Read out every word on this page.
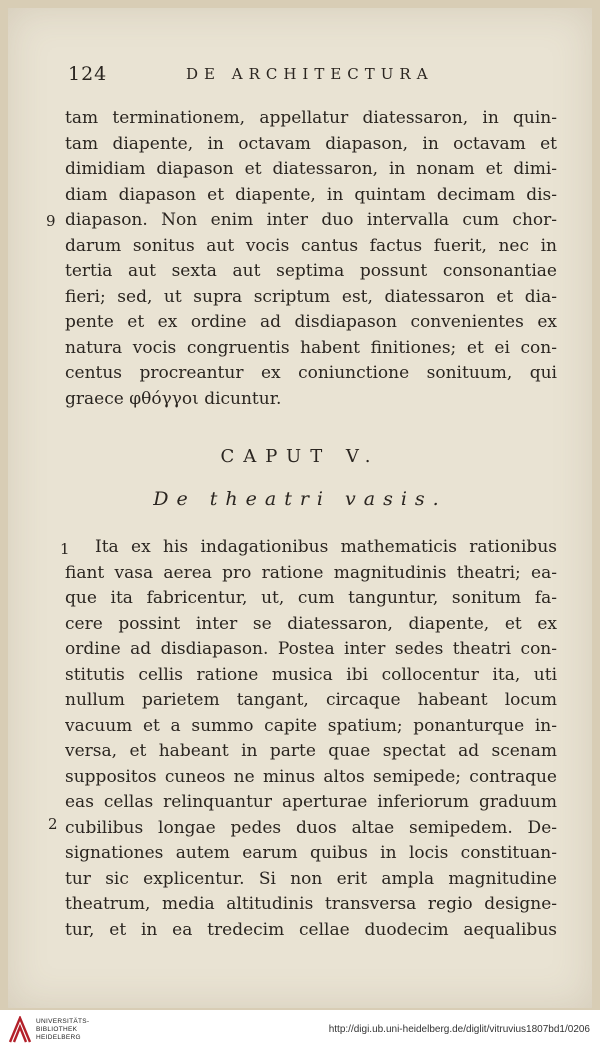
124	DE ARCHITECTURA
tam terminationem, appellatur diatessaron, in quin-
tam diapente, in octavam diapason, in octavam et
dimidiam diapason et diatessaron, in nonam et dimi-
diam diapason et diapente, in quintam decimam dis-
diapason. Non enim inter duo intervalla cum chor-
darum sonitus aut vocis cantus factus fuerit, nec in
tertia aut sexta aut septima possunt consonantiae
fieri; sed, ut supra scriptum est, diatessaron et dia-
pente et ex ordine ad disdiapason convenientes ex
natura vocis congruentis habent finitiones; et ei con-
centus procreantur ex coniunctione sonituum, qui
graece φθόγγοι dicuntur.
9
CAPUT V.
De theatri vasis.
1	Ita ex his indagationibus mathematicis rationibus
fiant vasa aerea pro ratione magnitudinis theatri; ea-
que ita fabricentur, ut, cum tanguntur, sonitum fa-
cere possint inter se diatessaron, diapente, et ex
ordine ad disdiapason. Postea inter sedes theatri con-
stitutis cellis ratione musica ibi collocentur ita, uti
nullum parietem tangant, circaque habeant locum
vacuum et a summo capite spatium; ponanturque in-
versa, et habeant in parte quae spectat ad scenam
suppositos cuneos ne minus altos semipede; contraque
eas cellas relinquantur aperturae inferiorum graduum
cubilibus longae pedes duos altae semipedem. De-
signationes autem earum quibus in locis constituan-
tur sic explicentur. Si non erit ampla magnitudine
theatrum, media altitudinis transversa regio designe-
tur, et in ea tredecim cellae duodecim aequalibus
2
UNIVERSITÄTS-
BIBLIOTHEK
HEIDELBERG
http://digi.ub.uni-heidelberg.de/diglit/vitruvius1807bd1/0206
